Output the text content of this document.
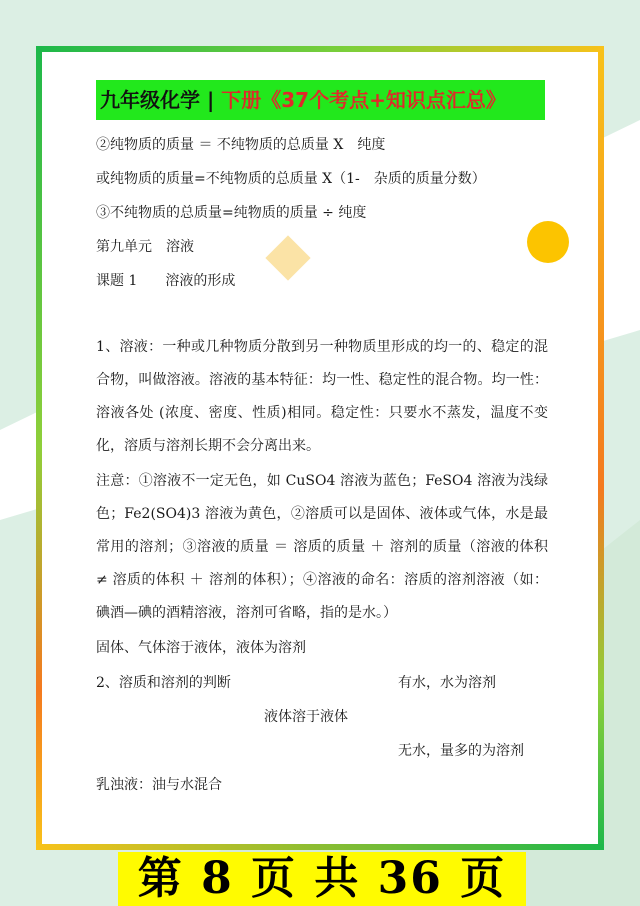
九年级化学 | 下册《37个考点+知识点汇总》
②纯物质的质量 ＝ 不纯物质的总质量 X　纯度
或纯物质的质量=不纯物质的总质量 X（1-　杂质的质量分数）
③不纯物质的总质量=纯物质的质量 ÷ 纯度
第九单元　溶液
课题 1　　溶液的形成
1、溶液：一种或几种物质分散到另一种物质里形成的均一的、稳定的混合物，叫做溶液。溶液的基本特征：均一性、稳定性的混合物。均一性：溶液各处 (浓度、密度、性质)相同。稳定性：只要水不蒸发，温度不变化，溶质与溶剂长期不会分离出来。
注意：①溶液不一定无色，如 CuSO4 溶液为蓝色；FeSO4 溶液为浅绿色；Fe2(SO4)3 溶液为黄色，②溶质可以是固体、液体或气体，水是最常用的溶剂；③溶液的质量 ＝ 溶质的质量 ＋ 溶剂的质量（溶液的体积 ≠ 溶质的体积 ＋ 溶剂的体积）；④溶液的命名：溶质的溶剂溶液（如：碘酒—碘的酒精溶液，溶剂可省略，指的是水。）
固体、气体溶于液体，液体为溶剂
2、溶质和溶剂的判断	有水，水为溶剂
液体溶于液体
无水，量多的为溶剂
乳浊液：油与水混合
第 8 页 共 36 页
